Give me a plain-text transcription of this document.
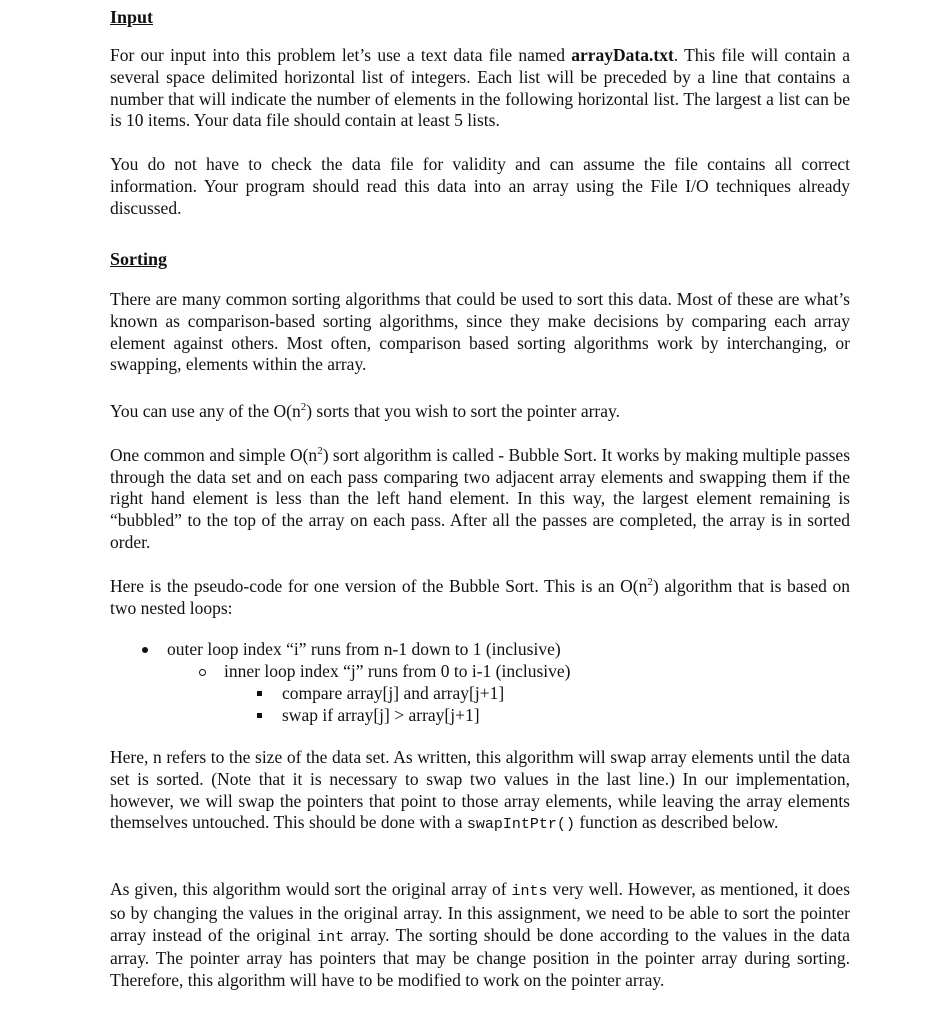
Input

For our input into this problem let’s use a text data file named arrayData.txt. This file will contain a several space delimited horizontal list of integers. Each list will be preceded by a line that contains a number that will indicate the number of elements in the following horizontal list. The largest a list can be is 10 items. Your data file should contain at least 5 lists.

You do not have to check the data file for validity and can assume the file contains all correct information. Your program should read this data into an array using the File I/O techniques already discussed.

Sorting

There are many common sorting algorithms that could be used to sort this data. Most of these are what’s known as comparison-based sorting algorithms, since they make decisions by comparing each array element against others. Most often, comparison based sorting algorithms work by interchanging, or swapping, elements within the array.

You can use any of the $O(n^2)$ sorts that you wish to sort the pointer array.

One common and simple $O(n^2)$ sort algorithm is called - Bubble Sort. It works by making multiple passes through the data set and on each pass comparing two adjacent array elements and swapping them if the right hand element is less than the left hand element. In this way, the largest element remaining is “bubbled” to the top of the array on each pass. After all the passes are completed, the array is in sorted order.

Here is the pseudo-code for one version of the Bubble Sort. This is an $O(n^2)$ algorithm that is based on two nested loops:

outer loop index “i” runs from n-1 down to 1 (inclusive)
inner loop index “j” runs from 0 to i-1 (inclusive)
compare array[j] and array[j+1]
swap if array[j] > array[j+1]

Here, n refers to the size of the data set. As written, this algorithm will swap array elements until the data set is sorted. (Note that it is necessary to swap two values in the last line.) In our implementation, however, we will swap the pointers that point to those array elements, while leaving the array elements themselves untouched. This should be done with a swapIntPtr() function as described below.

As given, this algorithm would sort the original array of ints very well. However, as mentioned, it does so by changing the values in the original array. In this assignment, we need to be able to sort the pointer array instead of the original int array. The sorting should be done according to the values in the data array. The pointer array has pointers that may be change position in the pointer array during sorting. Therefore, this algorithm will have to be modified to work on the pointer array.
